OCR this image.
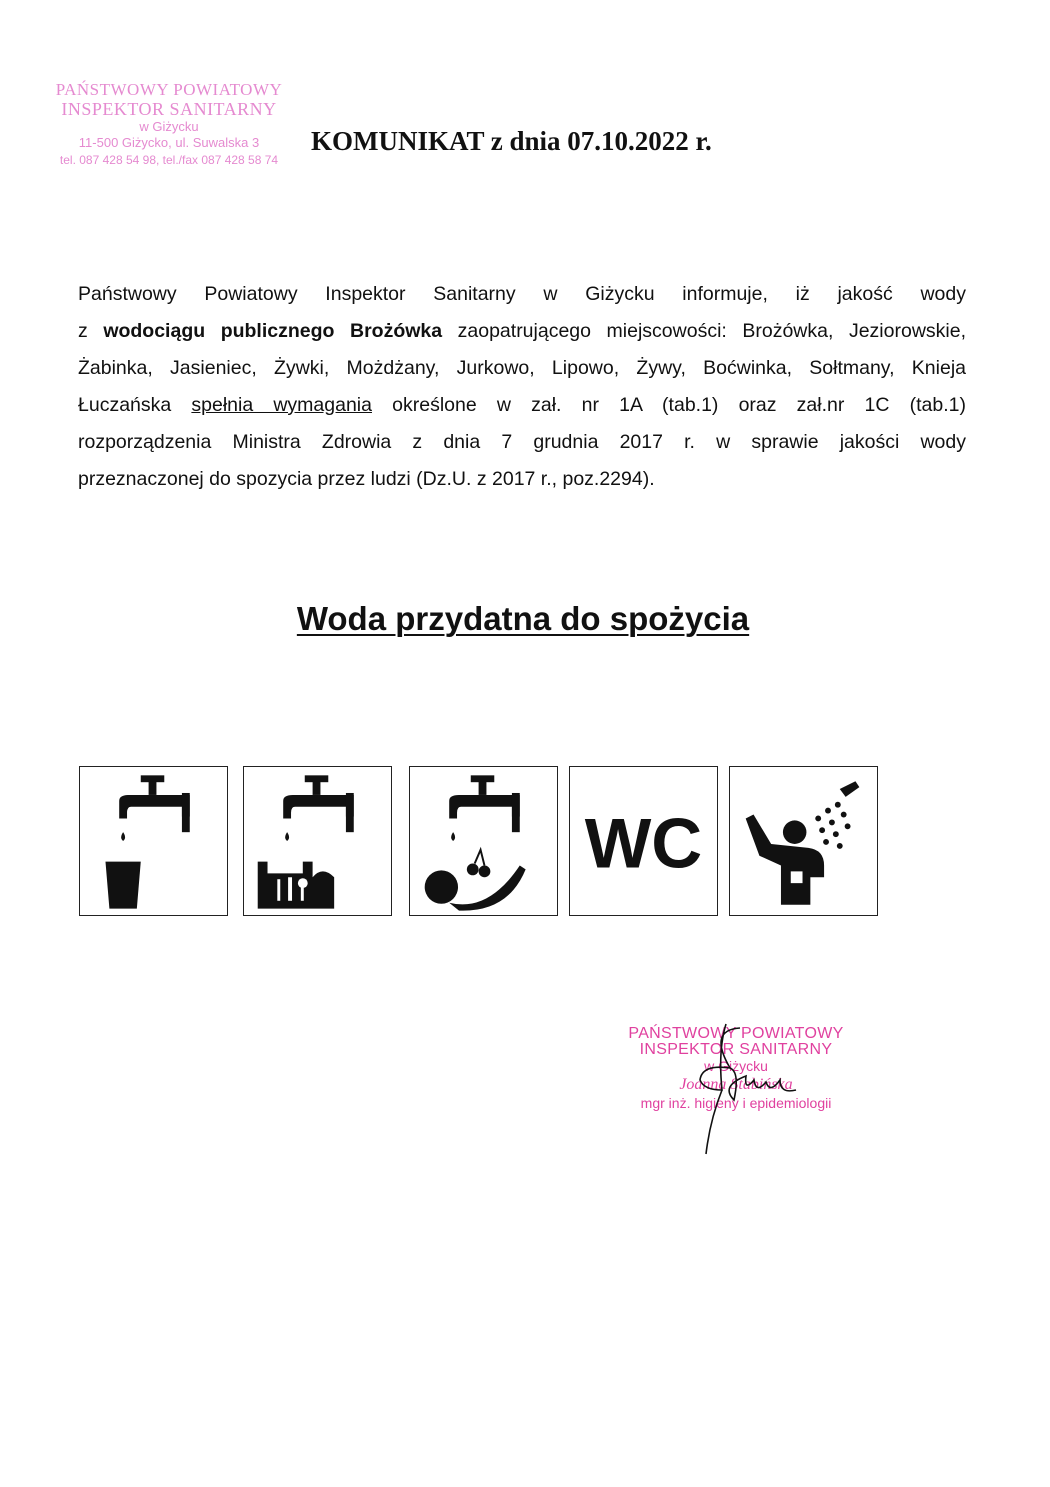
PAŃSTWOWY POWIATOWY
INSPEKTOR SANITARNY
w Giżycku
11-500 Giżycko, ul. Suwalska 3
tel. 087 428 54 98, tel./fax 087 428 58 74
KOMUNIKAT z dnia 07.10.2022 r.
Państwowy Powiatowy Inspektor Sanitarny w Giżycku informuje, iż jakość wody
z wodociągu publicznego Brożówka zaopatrującego miejscowości: Brożówka, Jeziorowskie,
Żabinka, Jasieniec, Żywki, Możdżany, Jurkowo, Lipowo, Żywy, Boćwinka, Sołtmany, Knieja
Łuczańska spełnia wymagania określone w zał. nr 1A (tab.1) oraz zał.nr 1C (tab.1)
rozporządzenia Ministra Zdrowia z dnia 7 grudnia 2017 r. w sprawie jakości wody
przeznaczonej do spozycia przez ludzi (Dz.U. z 2017 r., poz.2294).
Woda przydatna do spożycia
WC
PAŃSTWOWY POWIATOWY
INSPEKTOR SANITARNY
w Giżycku
Joanna Stabińska
mgr inż. higieny i epidemiologii
